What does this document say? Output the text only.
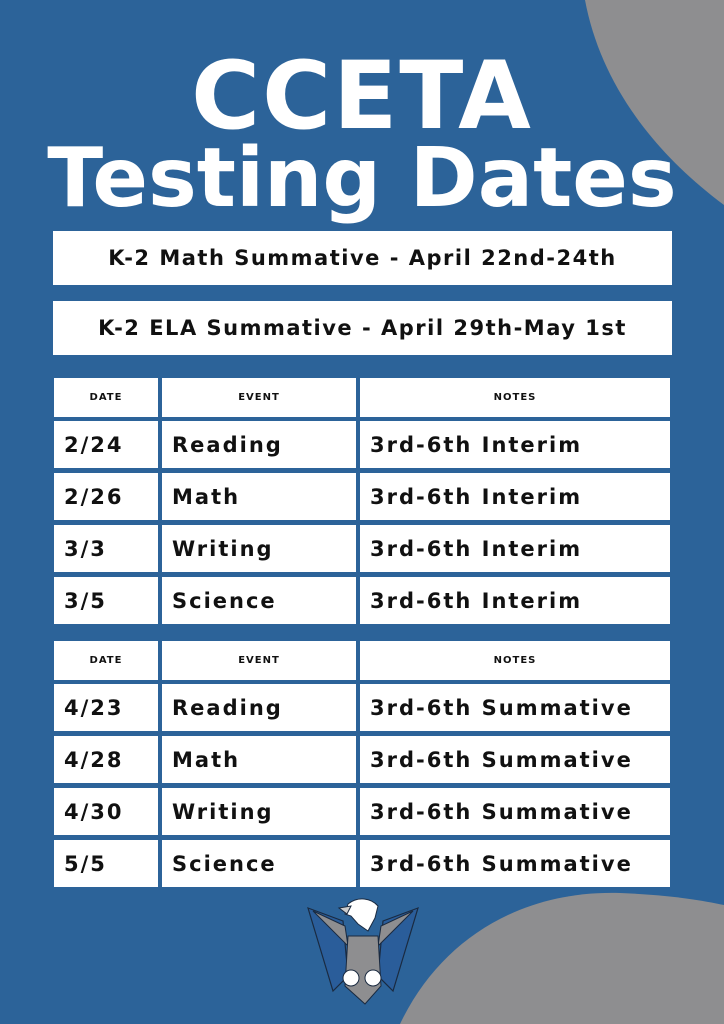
CCETA
Testing Dates
K-2 Math Summative - April 22nd-24th
K-2 ELA Summative - April 29th-May 1st
DATE	EVENT	NOTES
2/24	Reading	3rd-6th Interim
2/26	Math	3rd-6th Interim
3/3	Writing	3rd-6th Interim
3/5	Science	3rd-6th Interim
DATE	EVENT	NOTES
4/23	Reading	3rd-6th Summative
4/28	Math	3rd-6th Summative
4/30	Writing	3rd-6th Summative
5/5	Science	3rd-6th Summative
